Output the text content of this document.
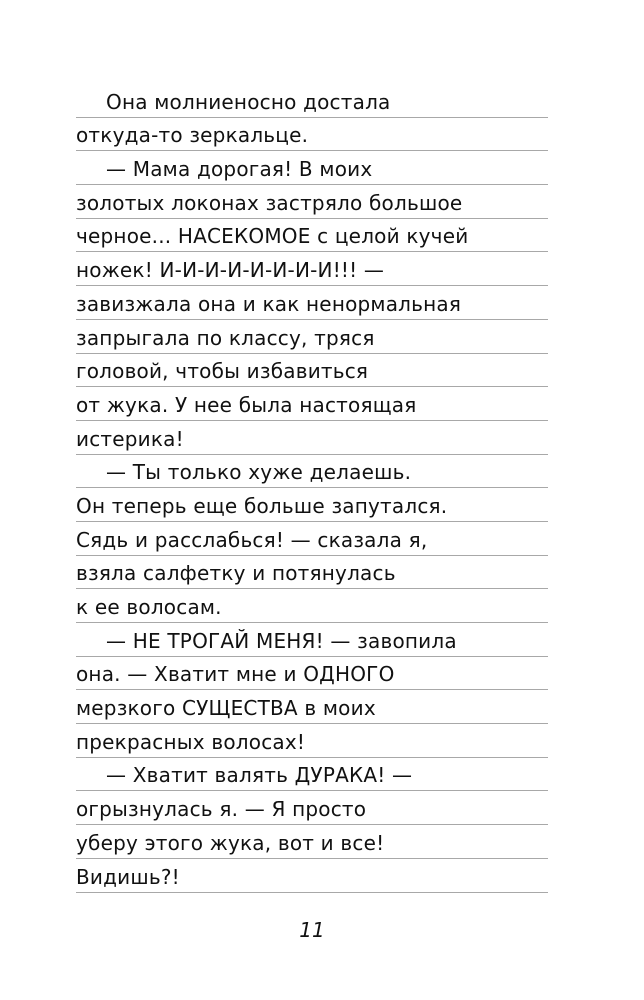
Она молниеносно достала
откуда-то зеркальце.
— Мама дорогая! В моих
золотых локонах застряло большое
черное... НАСЕКОМОЕ с целой кучей
ножек! И-И-И-И-И-И-И-И!!! —
завизжала она и как ненормальная
запрыгала по классу, тряся
головой, чтобы избавиться
от жука. У нее была настоящая
истерика!
— Ты только хуже делаешь.
Он теперь еще больше запутался.
Сядь и расслабься! — сказала я,
взяла салфетку и потянулась
к ее волосам.
— НЕ ТРОГАЙ МЕНЯ! — завопила
она. — Хватит мне и ОДНОГО
мерзкого СУЩЕСТВА в моих
прекрасных волосах!
— Хватит валять ДУРАКА! —
огрызнулась я. — Я просто
уберу этого жука, вот и все!
Видишь?!
11
